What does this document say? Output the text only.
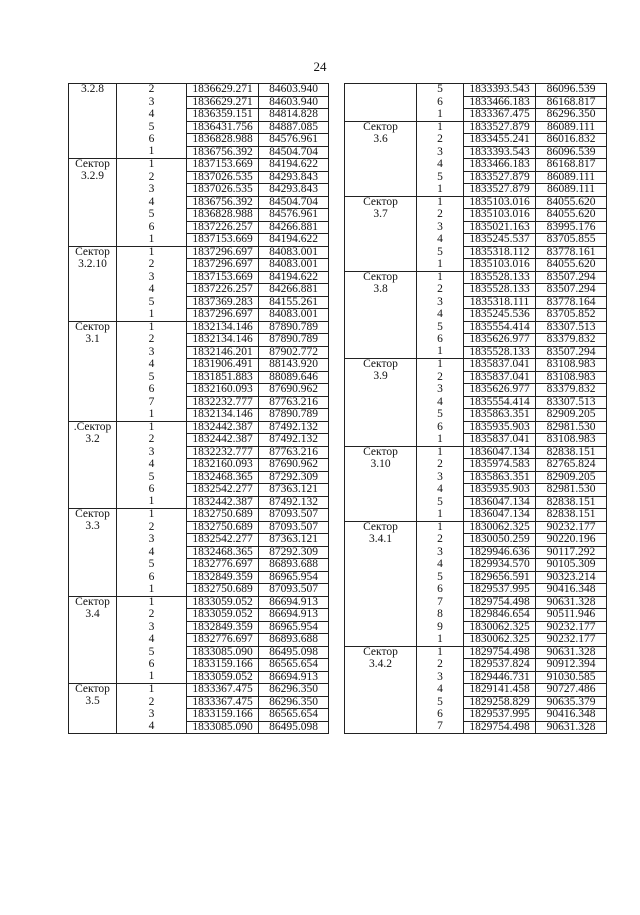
24
3.2.8	2	1836629.271	84603.940
	3	1836629.271	84603.940
	4	1836359.151	84814.828
	5	1836431.756	84887.085
	6	1836828.988	84576.961
	1	1836756.392	84504.704
Сектор	1	1837153.669	84194.622
3.2.9	2	1837026.535	84293.843
	3	1837026.535	84293.843
	4	1836756.392	84504.704
	5	1836828.988	84576.961
	6	1837226.257	84266.881
	1	1837153.669	84194.622
Сектор	1	1837296.697	84083.001
3.2.10	2	1837296.697	84083.001
	3	1837153.669	84194.622
	4	1837226.257	84266.881
	5	1837369.283	84155.261
	1	1837296.697	84083.001
Сектор	1	1832134.146	87890.789
3.1	2	1832134.146	87890.789
	3	1832146.201	87902.772
	4	1831906.491	88143.920
	5	1831851.883	88089.646
	6	1832160.093	87690.962
	7	1832232.777	87763.216
	1	1832134.146	87890.789
.Сектор	1	1832442.387	87492.132
3.2	2	1832442.387	87492.132
	3	1832232.777	87763.216
	4	1832160.093	87690.962
	5	1832468.365	87292.309
	6	1832542.277	87363.121
	1	1832442.387	87492.132
Сектор	1	1832750.689	87093.507
3.3	2	1832750.689	87093.507
	3	1832542.277	87363.121
	4	1832468.365	87292.309
	5	1832776.697	86893.688
	6	1832849.359	86965.954
	1	1832750.689	87093.507
Сектор	1	1833059.052	86694.913
3.4	2	1833059.052	86694.913
	3	1832849.359	86965.954
	4	1832776.697	86893.688
	5	1833085.090	86495.098
	6	1833159.166	86565.654
	1	1833059.052	86694.913
Сектор	1	1833367.475	86296.350
3.5	2	1833367.475	86296.350
	3	1833159.166	86565.654
	4	1833085.090	86495.098
	5	1833393.543	86096.539
	6	1833466.183	86168.817
	1	1833367.475	86296.350
Сектор	1	1833527.879	86089.111
3.6	2	1833455.241	86016.832
	3	1833393.543	86096.539
	4	1833466.183	86168.817
	5	1833527.879	86089.111
	1	1833527.879	86089.111
Сектор	1	1835103.016	84055.620
3.7	2	1835103.016	84055.620
	3	1835021.163	83995.176
	4	1835245.537	83705.855
	5	1835318.112	83778.161
	1	1835103.016	84055.620
Сектор	1	1835528.133	83507.294
3.8	2	1835528.133	83507.294
	3	1835318.111	83778.164
	4	1835245.536	83705.852
	5	1835554.414	83307.513
	6	1835626.977	83379.832
	1	1835528.133	83507.294
Сектор	1	1835837.041	83108.983
3.9	2	1835837.041	83108.983
	3	1835626.977	83379.832
	4	1835554.414	83307.513
	5	1835863.351	82909.205
	6	1835935.903	82981.530
	1	1835837.041	83108.983
Сектор	1	1836047.134	82838.151
3.10	2	1835974.583	82765.824
	3	1835863.351	82909.205
	4	1835935.903	82981.530
	5	1836047.134	82838.151
	1	1836047.134	82838.151
Сектор	1	1830062.325	90232.177
3.4.1	2	1830050.259	90220.196
	3	1829946.636	90117.292
	4	1829934.570	90105.309
	5	1829656.591	90323.214
	6	1829537.995	90416.348
	7	1829754.498	90631.328
	8	1829846.654	90511.946
	9	1830062.325	90232.177
	1	1830062.325	90232.177
Сектор	1	1829754.498	90631.328
3.4.2	2	1829537.824	90912.394
	3	1829446.731	91030.585
	4	1829141.458	90727.486
	5	1829258.829	90635.379
	6	1829537.995	90416.348
	7	1829754.498	90631.328
